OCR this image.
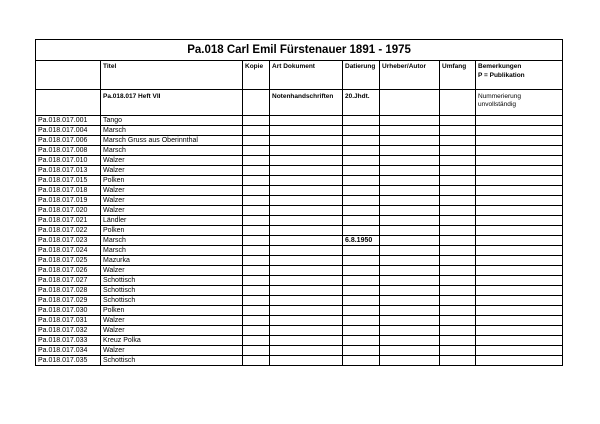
Pa.018 Carl Emil Fürstenauer 1891 - 1975							
	Titel	Kopie	Art Dokument	Datierung	Urheber/Autor	Umfang	Bemerkungen
P = Publikation

	Pa.018.017 Heft VII		Notenhandschriften	20.Jhdt.			Nummerierung unvollständig
Pa.018.017.001	Tango						
Pa.018.017.004	Marsch						
Pa.018.017.006	Marsch Gruss aus Oberinnthal						
Pa.018.017.008	Marsch						
Pa.018.017.010	Walzer						
Pa.018.017.013	Walzer						
Pa.018.017.015	Polken						
Pa.018.017.018	Walzer						
Pa.018.017.019	Walzer						
Pa.018.017.020	Walzer						
Pa.018.017.021	Ländler						
Pa.018.017.022	Polken						
Pa.018.017.023	Marsch			6.8.1950			
Pa.018.017.024	Marsch						
Pa.018.017.025	Mazurka						
Pa.018.017.026	Walzer						
Pa.018.017.027	Schottisch						
Pa.018.017.028	Schottisch						
Pa.018.017.029	Schottisch						
Pa.018.017.030	Polken						
Pa.018.017.031	Walzer						
Pa.018.017.032	Walzer						
Pa.018.017.033	Kreuz Polka						
Pa.018.017.034	Walzer						
Pa.018.017.035	Schottisch						
